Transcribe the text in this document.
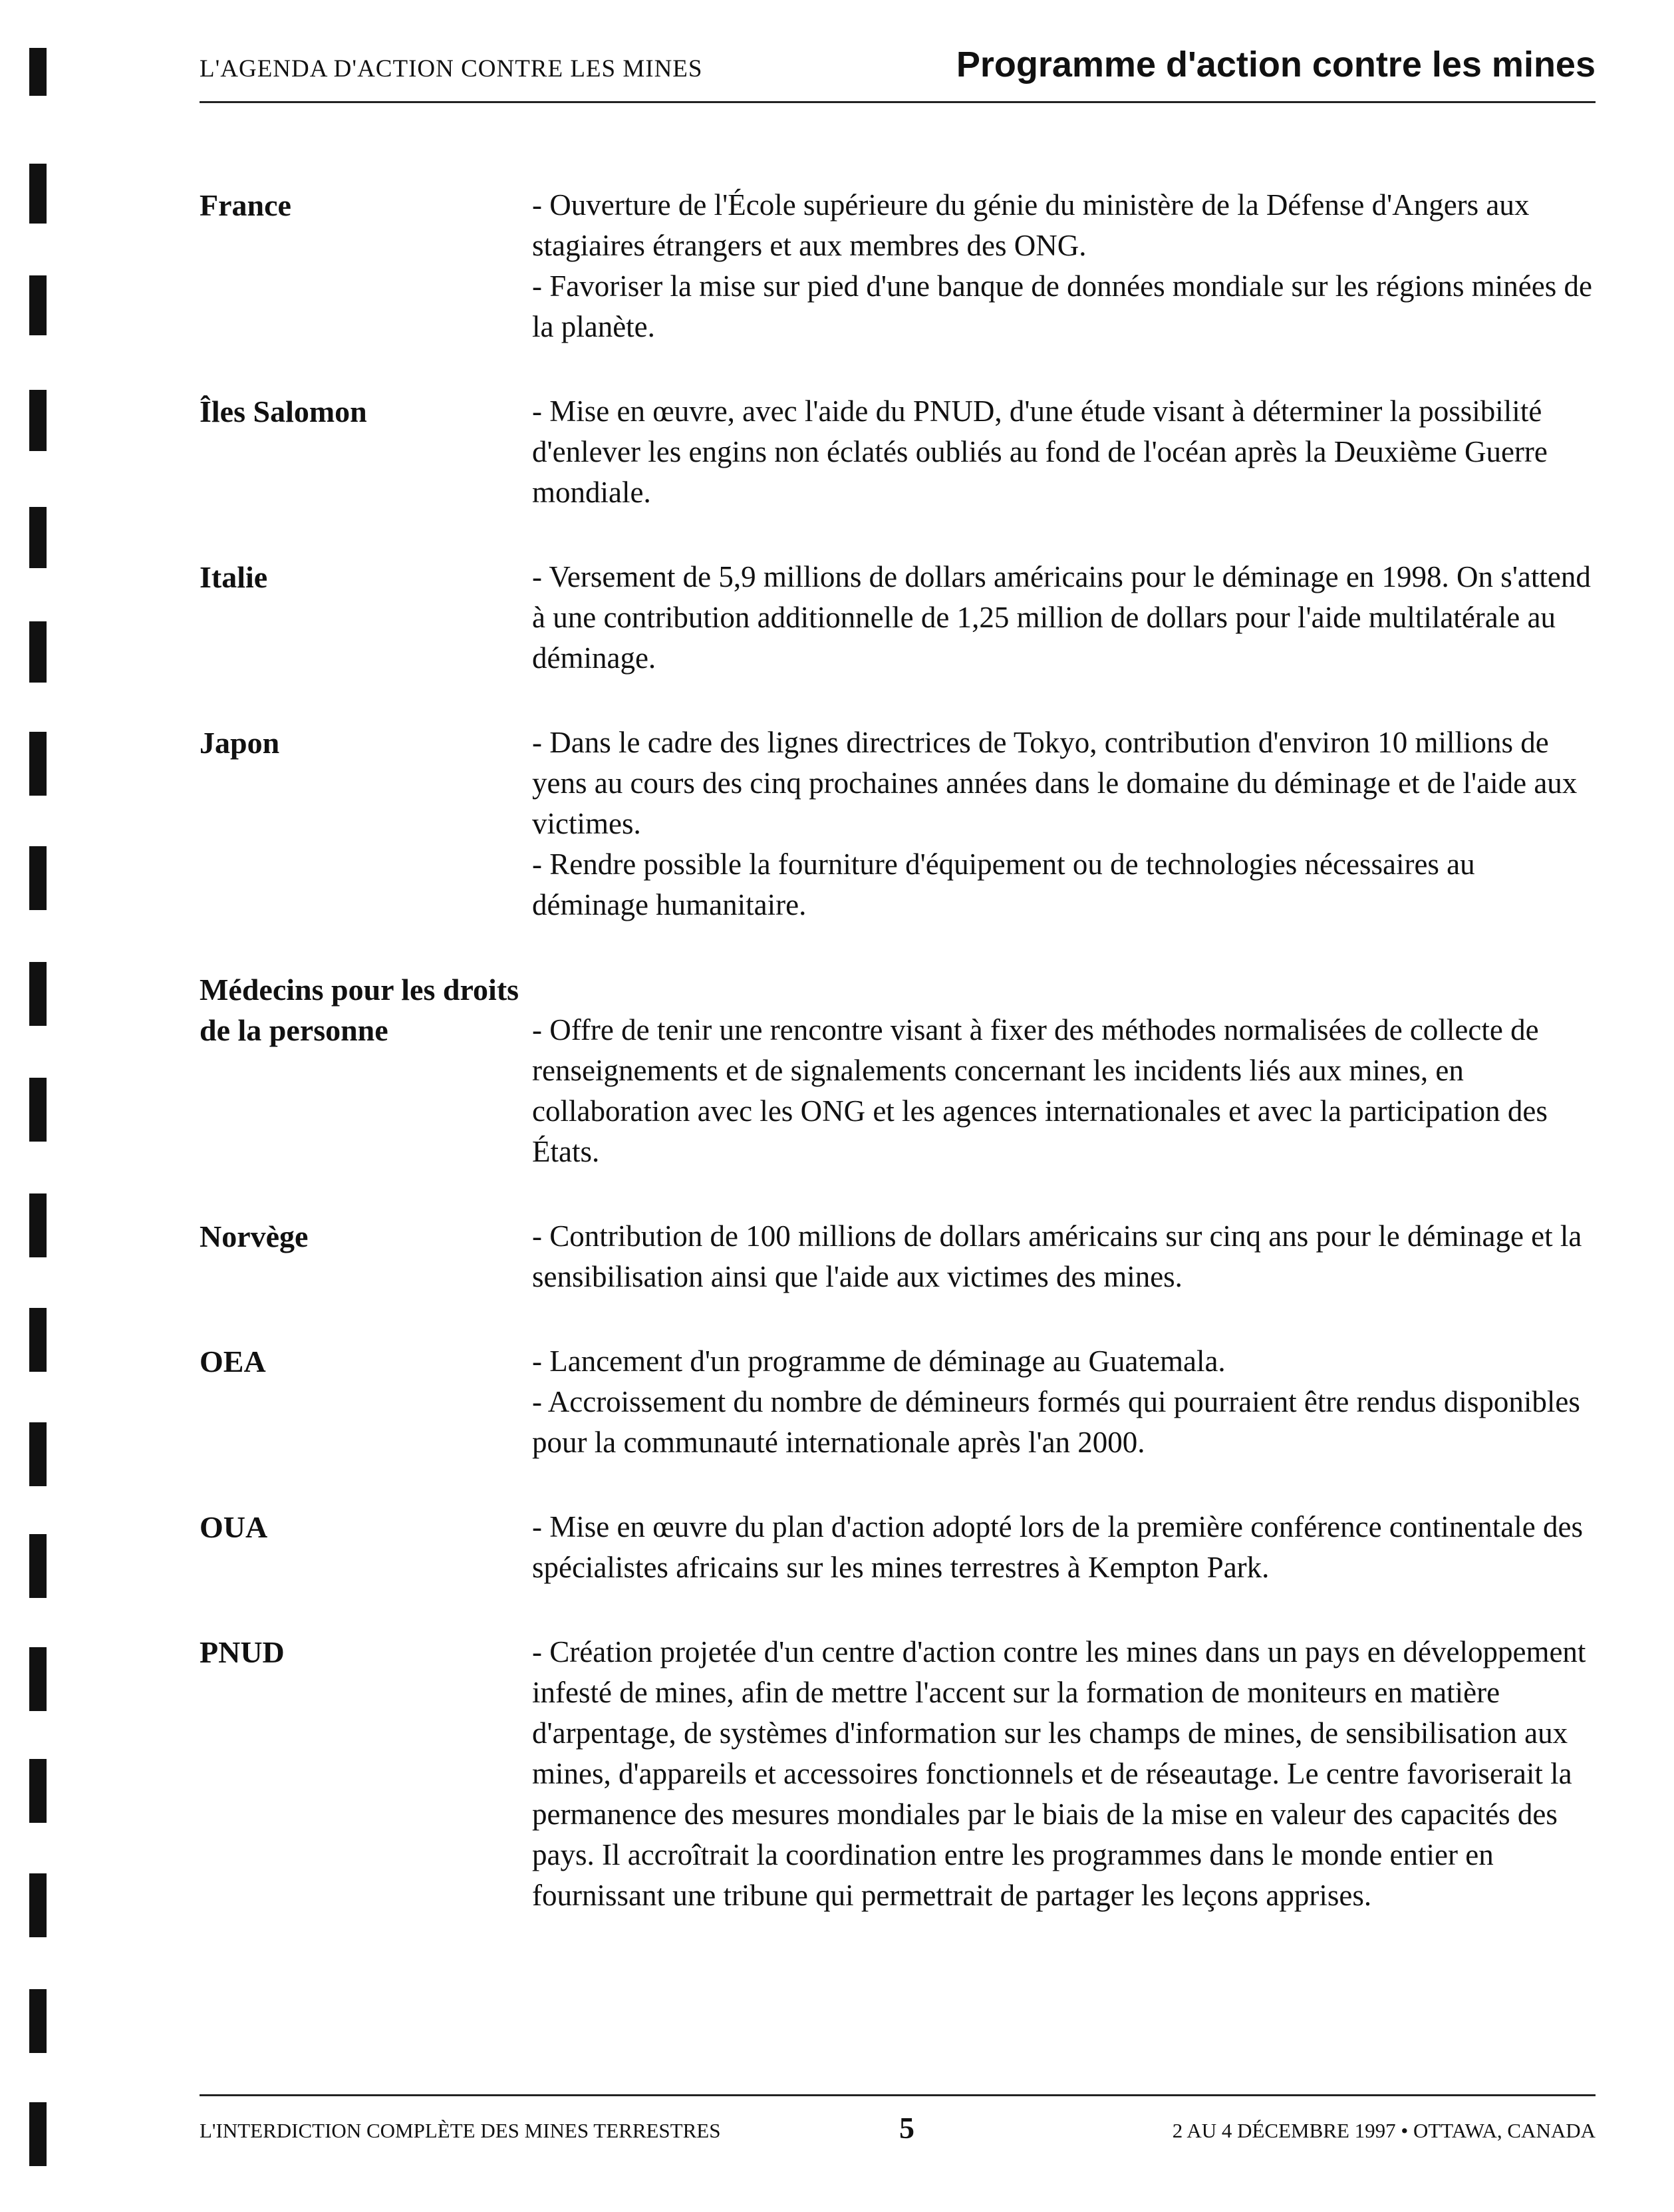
L'AGENDA D'ACTION CONTRE LES MINES	Programme d'action contre les mines
France	- Ouverture de l'École supérieure du génie du ministère de la Défense d'Angers aux stagiaires étrangers et aux membres des ONG.

- Favoriser la mise sur pied d'une banque de données mondiale sur les régions minées de la planète.

Îles Salomon	- Mise en œuvre, avec l'aide du PNUD, d'une étude visant à déterminer la possibilité d'enlever les engins non éclatés oubliés au fond de l'océan après la Deuxième Guerre mondiale.

Italie	- Versement de 5,9 millions de dollars américains pour le déminage en 1998. On s'attend à une contribution additionnelle de 1,25 million de dollars pour l'aide multilatérale au déminage.

Japon	- Dans le cadre des lignes directrices de Tokyo, contribution d'environ 10 millions de yens au cours des cinq prochaines années dans le domaine du déminage et de l'aide aux victimes.

- Rendre possible la fourniture d'équipement ou de technologies nécessaires au déminage humanitaire.

Médecins pour les droits de la personne	- Offre de tenir une rencontre visant à fixer des méthodes normalisées de collecte de renseignements et de signalements concernant les incidents liés aux mines, en collaboration avec les ONG et les agences internationales et avec la participation des États.

Norvège	- Contribution de 100 millions de dollars américains sur cinq ans pour le déminage et la sensibilisation ainsi que l'aide aux victimes des mines.

OEA	- Lancement d'un programme de déminage au Guatemala.

- Accroissement du nombre de démineurs formés qui pourraient être rendus disponibles pour la communauté internationale après l'an 2000.

OUA	- Mise en œuvre du plan d'action adopté lors de la première conférence continentale des spécialistes africains sur les mines terrestres à Kempton Park.

PNUD	- Création projetée d'un centre d'action contre les mines dans un pays en développement infesté de mines, afin de mettre l'accent sur la formation de moniteurs en matière d'arpentage, de systèmes d'information sur les champs de mines, de sensibilisation aux mines, d'appareils et accessoires fonctionnels et de réseautage. Le centre favoriserait la permanence des mesures mondiales par le biais de la mise en valeur des capacités des pays. Il accroîtrait la coordination entre les programmes dans le monde entier en fournissant une tribune qui permettrait de partager les leçons apprises.

L'INTERDICTION COMPLÈTE DES MINES TERRESTRES	5	2 AU 4 DÉCEMBRE 1997 • OTTAWA, CANADA
